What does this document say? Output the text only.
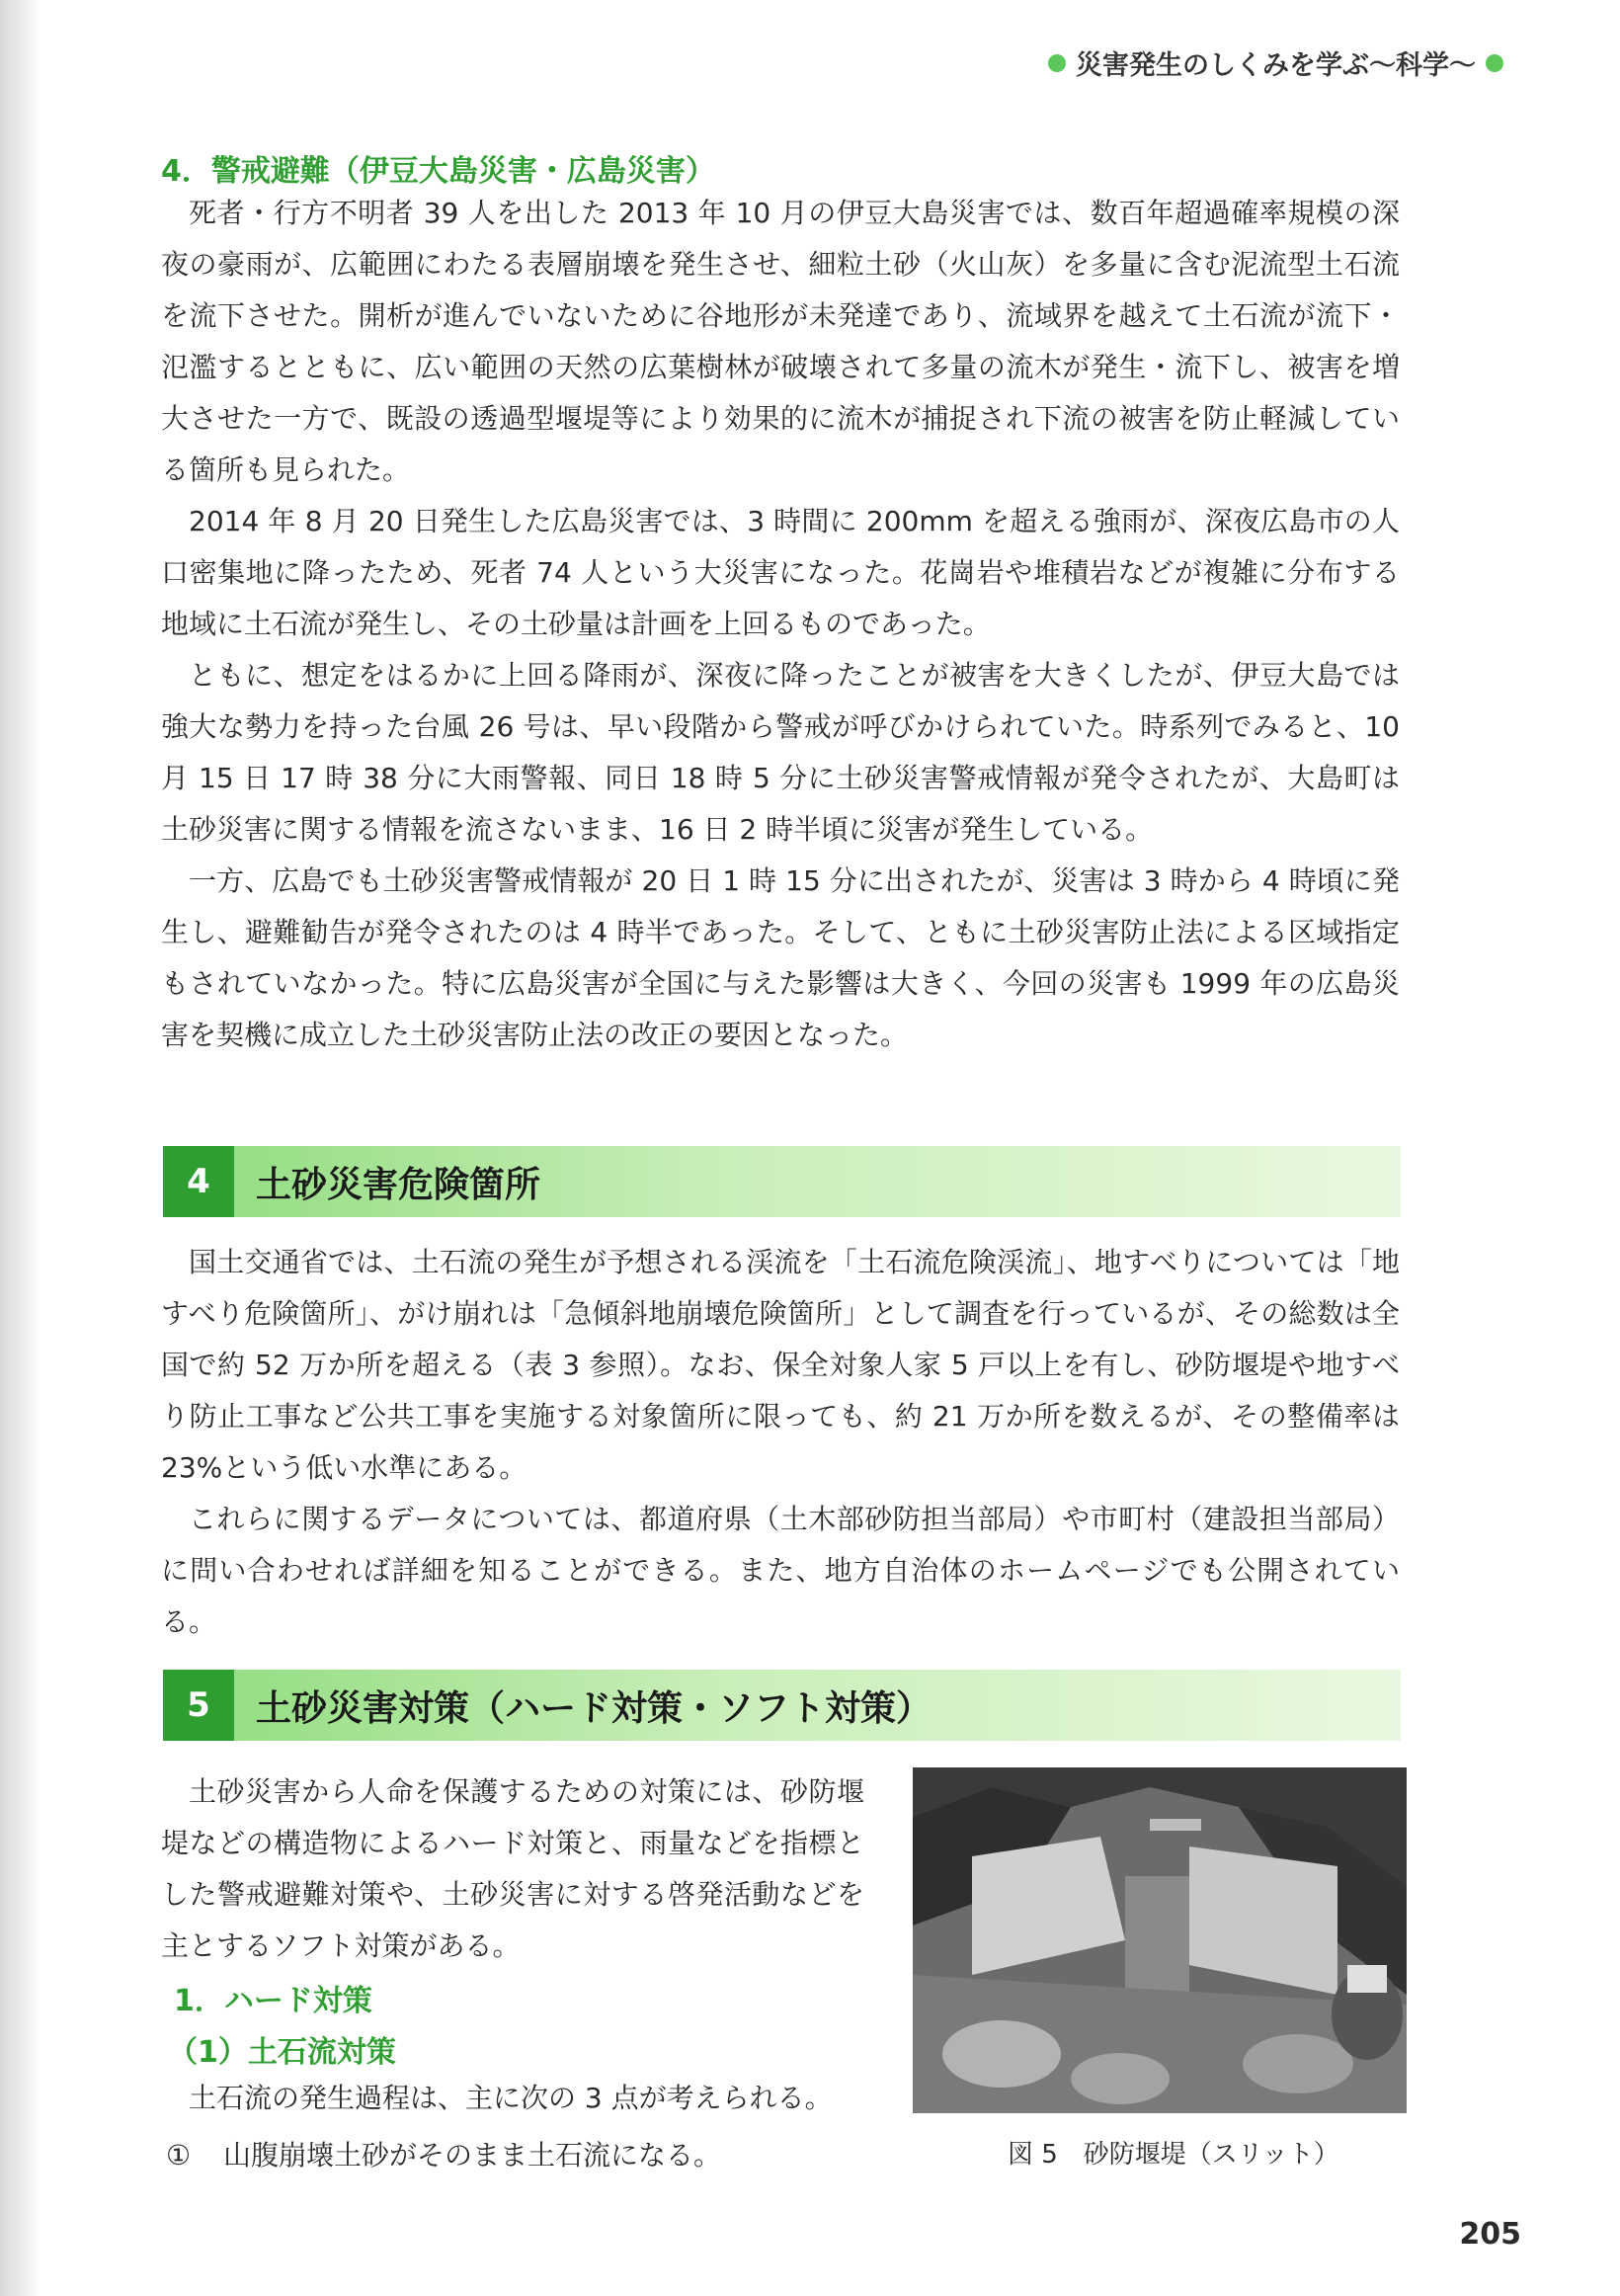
災害発生のしくみを学ぶ〜科学〜
4．警戒避難（伊豆大島災害・広島災害）

死者・行方不明者 39 人を出した 2013 年 10 月の伊豆大島災害では、数百年超過確率規模の深夜の豪雨が、広範囲にわたる表層崩壊を発生させ、細粒土砂（火山灰）を多量に含む泥流型土石流を流下させた。開析が進んでいないために谷地形が未発達であり、流域界を越えて土石流が流下・氾濫するとともに、広い範囲の天然の広葉樹林が破壊されて多量の流木が発生・流下し、被害を増大させた一方で、既設の透過型堰堤等により効果的に流木が捕捉され下流の被害を防止軽減している箇所も見られた。

2014 年 8 月 20 日発生した広島災害では、3 時間に 200mm を超える強雨が、深夜広島市の人口密集地に降ったため、死者 74 人という大災害になった。花崗岩や堆積岩などが複雑に分布する地域に土石流が発生し、その土砂量は計画を上回るものであった。

ともに、想定をはるかに上回る降雨が、深夜に降ったことが被害を大きくしたが、伊豆大島では強大な勢力を持った台風 26 号は、早い段階から警戒が呼びかけられていた。時系列でみると、10 月 15 日 17 時 38 分に大雨警報、同日 18 時 5 分に土砂災害警戒情報が発令されたが、大島町は土砂災害に関する情報を流さないまま、16 日 2 時半頃に災害が発生している。

一方、広島でも土砂災害警戒情報が 20 日 1 時 15 分に出されたが、災害は 3 時から 4 時頃に発生し、避難勧告が発令されたのは 4 時半であった。そして、ともに土砂災害防止法による区域指定もされていなかった。特に広島災害が全国に与えた影響は大きく、今回の災害も 1999 年の広島災害を契機に成立した土砂災害防止法の改正の要因となった。

4	土砂災害危険箇所

国土交通省では、土石流の発生が予想される渓流を「土石流危険渓流」、地すべりについては「地すべり危険箇所」、がけ崩れは「急傾斜地崩壊危険箇所」として調査を行っているが、その総数は全国で約 52 万か所を超える（表 3 参照）。なお、保全対象人家 5 戸以上を有し、砂防堰堤や地すべり防止工事など公共工事を実施する対象箇所に限っても、約 21 万か所を数えるが、その整備率は 23%という低い水準にある。

これらに関するデータについては、都道府県（土木部砂防担当部局）や市町村（建設担当部局）に問い合わせれば詳細を知ることができる。また、地方自治体のホームページでも公開されている。

5	土砂災害対策（ハード対策・ソフト対策）

土砂災害から人命を保護するための対策には、砂防堰堤などの構造物によるハード対策と、雨量などを指標とした警戒避難対策や、土砂災害に対する啓発活動などを主とするソフト対策がある。

1．ハード対策
（1）土石流対策

土石流の発生過程は、主に次の 3 点が考えられる。

① 山腹崩壊土砂がそのまま土石流になる。	図 5　砂防堰堤（スリット）
205
